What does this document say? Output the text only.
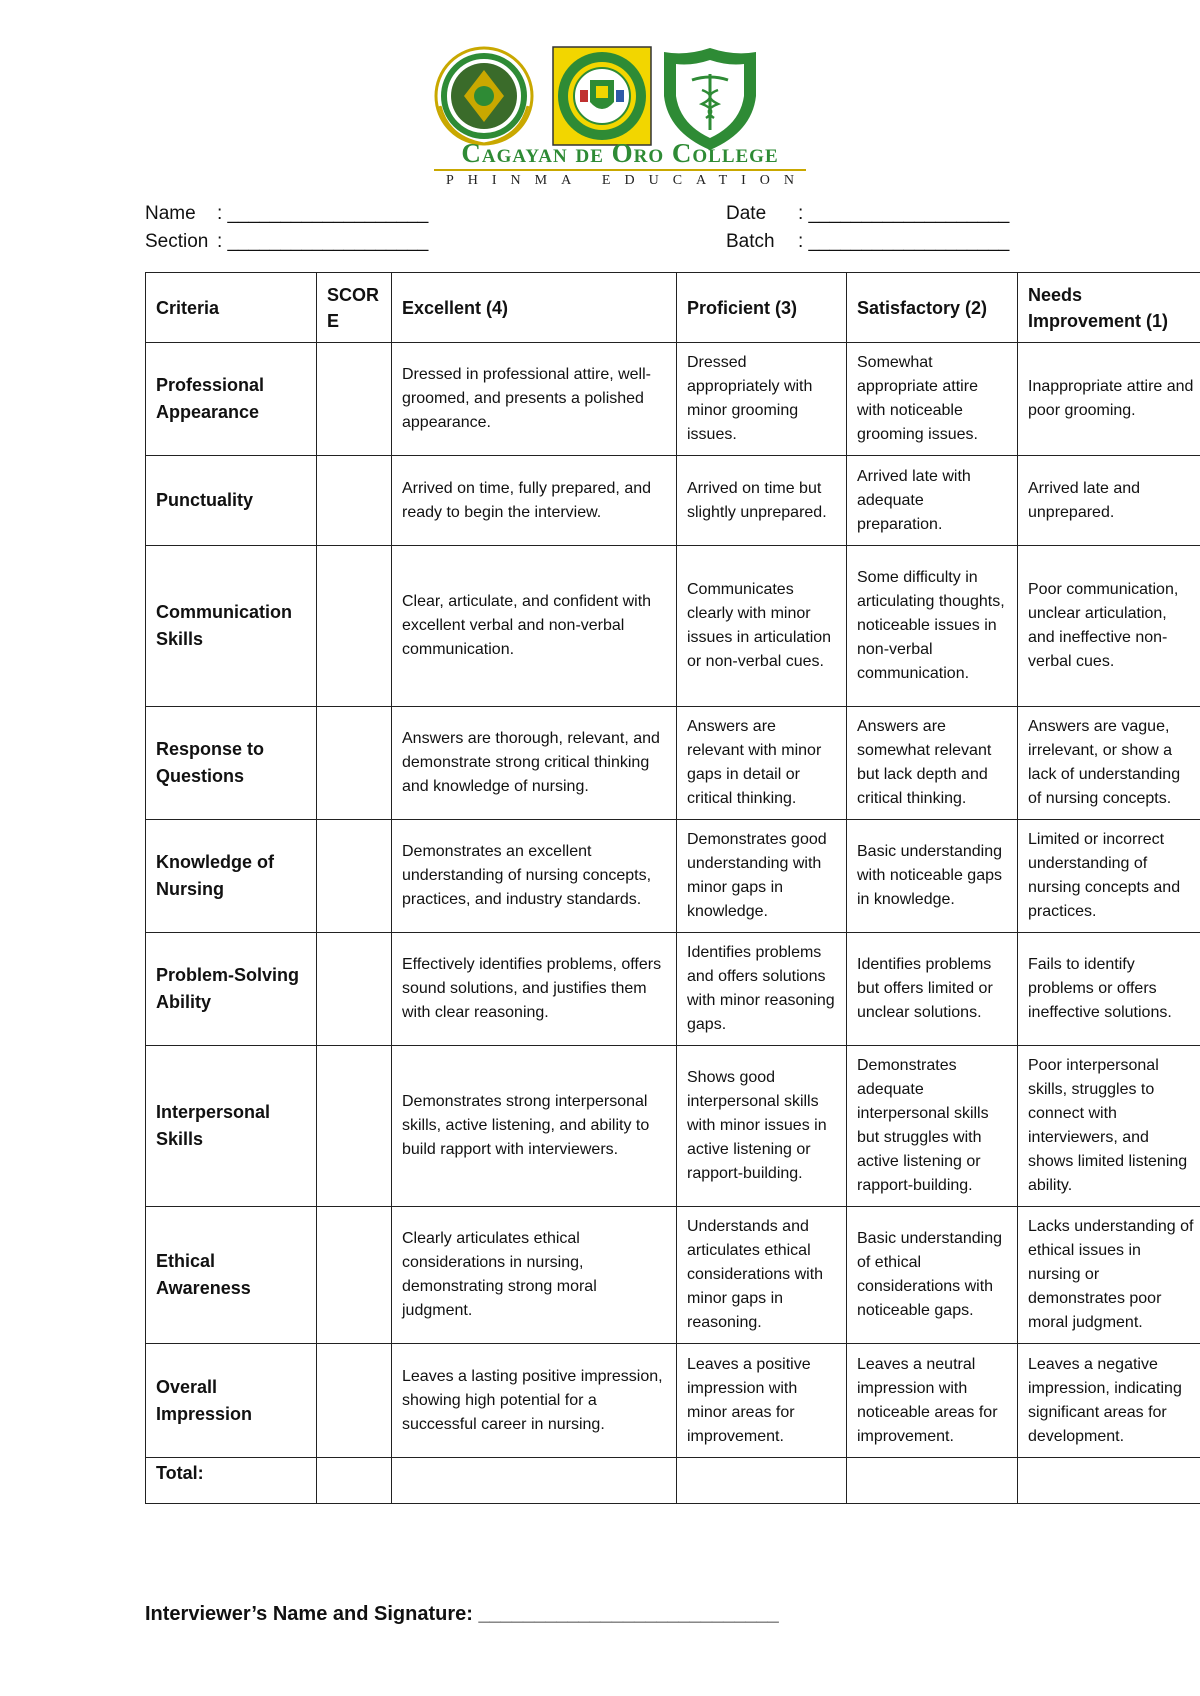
Cagayan de Oro College
PHINMA EDUCATION
Name : ___________________
Section : ___________________
Date : ___________________
Batch : ___________________
Criteria	SCORE	Excellent (4)	Proficient (3)	Satisfactory (2)	Needs Improvement (1)
Professional Appearance		Dressed in professional attire, well-groomed, and presents a polished appearance.	Dressed appropriately with minor grooming issues.	Somewhat appropriate attire with noticeable grooming issues.	Inappropriate attire and poor grooming.
Punctuality		Arrived on time, fully prepared, and ready to begin the interview.	Arrived on time but slightly unprepared.	Arrived late with adequate preparation.	Arrived late and unprepared.
Communication Skills		Clear, articulate, and confident with excellent verbal and non-verbal communication.	Communicates clearly with minor issues in articulation or non-verbal cues.	Some difficulty in articulating thoughts, noticeable issues in non-verbal communication.	Poor communication, unclear articulation, and ineffective non-verbal cues.
Response to Questions		Answers are thorough, relevant, and demonstrate strong critical thinking and knowledge of nursing.	Answers are relevant with minor gaps in detail or critical thinking.	Answers are somewhat relevant but lack depth and critical thinking.	Answers are vague, irrelevant, or show a lack of understanding of nursing concepts.
Knowledge of Nursing		Demonstrates an excellent understanding of nursing concepts, practices, and industry standards.	Demonstrates good understanding with minor gaps in knowledge.	Basic understanding with noticeable gaps in knowledge.	Limited or incorrect understanding of nursing concepts and practices.
Problem-Solving Ability		Effectively identifies problems, offers sound solutions, and justifies them with clear reasoning.	Identifies problems and offers solutions with minor reasoning gaps.	Identifies problems but offers limited or unclear solutions.	Fails to identify problems or offers ineffective solutions.
Interpersonal Skills		Demonstrates strong interpersonal skills, active listening, and ability to build rapport with interviewers.	Shows good interpersonal skills with minor issues in active listening or rapport-building.	Demonstrates adequate interpersonal skills but struggles with active listening or rapport-building.	Poor interpersonal skills, struggles to connect with interviewers, and shows limited listening ability.
Ethical Awareness		Clearly articulates ethical considerations in nursing, demonstrating strong moral judgment.	Understands and articulates ethical considerations with minor gaps in reasoning.	Basic understanding of ethical considerations with noticeable gaps.	Lacks understanding of ethical issues in nursing or demonstrates poor moral judgment.
Overall Impression		Leaves a lasting positive impression, showing high potential for a successful career in nursing.	Leaves a positive impression with minor areas for improvement.	Leaves a neutral impression with noticeable areas for improvement.	Leaves a negative impression, indicating significant areas for development.
Total:					
Interviewer’s Name and Signature: ___________________________
